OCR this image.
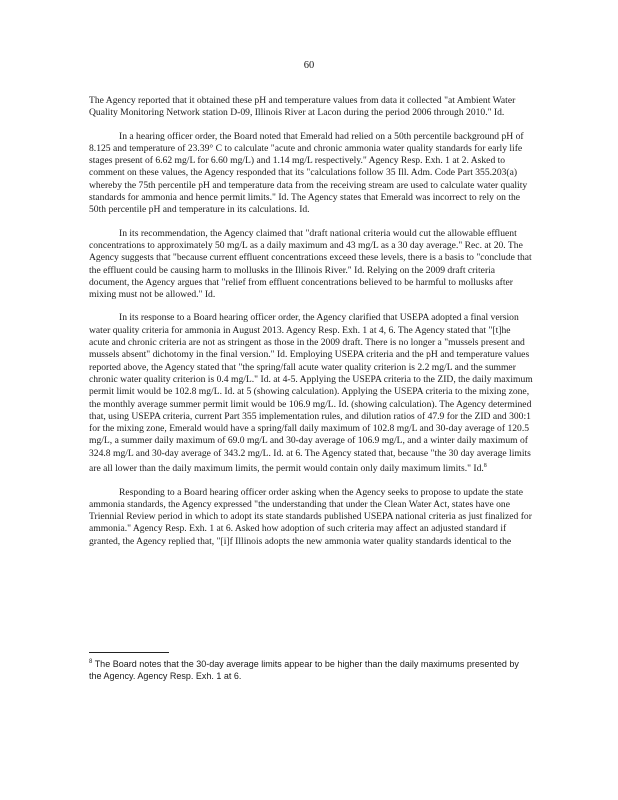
60

The Agency reported that it obtained these pH and temperature values from data it collected "at Ambient Water Quality Monitoring Network station D-09, Illinois River at Lacon during the period 2006 through 2010." Id.

In a hearing officer order, the Board noted that Emerald had relied on a 50th percentile background pH of 8.125 and temperature of 23.39° C to calculate "acute and chronic ammonia water quality standards for early life stages present of 6.62 mg/L for 6.60 mg/L) and 1.14 mg/L respectively." Agency Resp. Exh. 1 at 2. Asked to comment on these values, the Agency responded that its "calculations follow 35 Ill. Adm. Code Part 355.203(a) whereby the 75th percentile pH and temperature data from the receiving stream are used to calculate water quality standards for ammonia and hence permit limits." Id. The Agency states that Emerald was incorrect to rely on the 50th percentile pH and temperature in its calculations. Id.

In its recommendation, the Agency claimed that "draft national criteria would cut the allowable effluent concentrations to approximately 50 mg/L as a daily maximum and 43 mg/L as a 30 day average." Rec. at 20. The Agency suggests that "because current effluent concentrations exceed these levels, there is a basis to "conclude that the effluent could be causing harm to mollusks in the Illinois River." Id. Relying on the 2009 draft criteria document, the Agency argues that "relief from effluent concentrations believed to be harmful to mollusks after mixing must not be allowed." Id.

In its response to a Board hearing officer order, the Agency clarified that USEPA adopted a final version water quality criteria for ammonia in August 2013. Agency Resp. Exh. 1 at 4, 6. The Agency stated that "[t]he acute and chronic criteria are not as stringent as those in the 2009 draft. There is no longer a "mussels present and mussels absent" dichotomy in the final version." Id. Employing USEPA criteria and the pH and temperature values reported above, the Agency stated that "the spring/fall acute water quality criterion is 2.2 mg/L and the summer chronic water quality criterion is 0.4 mg/L." Id. at 4-5. Applying the USEPA criteria to the ZID, the daily maximum permit limit would be 102.8 mg/L. Id. at 5 (showing calculation). Applying the USEPA criteria to the mixing zone, the monthly average summer permit limit would be 106.9 mg/L. Id. (showing calculation). The Agency determined that, using USEPA criteria, current Part 355 implementation rules, and dilution ratios of 47.9 for the ZID and 300:1 for the mixing zone, Emerald would have a spring/fall daily maximum of 102.8 mg/L and 30-day average of 120.5 mg/L, a summer daily maximum of 69.0 mg/L and 30-day average of 106.9 mg/L, and a winter daily maximum of 324.8 mg/L and 30-day average of 343.2 mg/L. Id. at 6. The Agency stated that, because "the 30 day average limits are all lower than the daily maximum limits, the permit would contain only daily maximum limits." Id.$^8$

Responding to a Board hearing officer order asking when the Agency seeks to propose to update the state ammonia standards, the Agency expressed "the understanding that under the Clean Water Act, states have one Triennial Review period in which to adopt its state standards published USEPA national criteria as just finalized for ammonia." Agency Resp. Exh. 1 at 6. Asked how adoption of such criteria may affect an adjusted standard if granted, the Agency replied that, "[i]f Illinois adopts the new ammonia water quality standards identical to the

$^8$ The Board notes that the 30-day average limits appear to be higher than the daily maximums presented by the Agency. Agency Resp. Exh. 1 at 6.
